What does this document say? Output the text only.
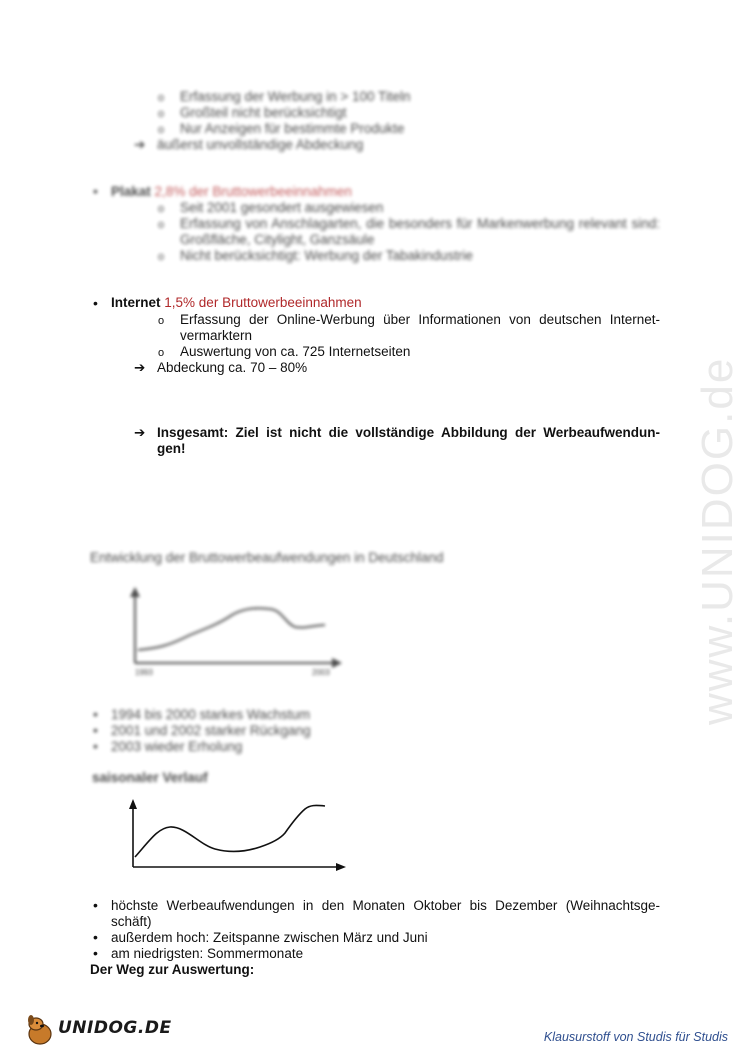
o Erfassung der Werbung in > 100 Titeln
o Großteil nicht berücksichtigt
o Nur Anzeigen für bestimmte Produkte
➔ äußerst unvollständige Abdeckung
• Plakat 2,8% der Bruttowerbeeinnahmen
o Seit 2001 gesondert ausgewiesen
o Erfassung von Anschlagarten, die besonders für Markenwerbung relevant sind: Großfläche, Citylight, Ganzsäule
o Nicht berücksichtigt: Werbung der Tabakindustrie
• Internet 1,5% der Bruttowerbeeinnahmen
o Erfassung der Online-Werbung über Informationen von deutschen Internet-vermarktern
o Auswertung von ca. 725 Internetseiten
➔ Abdeckung ca. 70 – 80%
➔ Insgesamt: Ziel ist nicht die vollständige Abbildung der Werbeaufwendun-gen!	www.UNIDOG.de
Entwicklung der Bruttowerbeaufwendungen in Deutschland
1993	2003
• 1994 bis 2000 starkes Wachstum
• 2001 und 2002 starker Rückgang
• 2003 wieder Erholung
saisonaler Verlauf
• höchste Werbeaufwendungen in den Monaten Oktober bis Dezember (Weihnachtsge-schäft)
• außerdem hoch: Zeitspanne zwischen März und Juni
• am niedrigsten: Sommermonate
Der Weg zur Auswertung:
UNIDOG.DE	Klausurstoff von Studis für Studis
